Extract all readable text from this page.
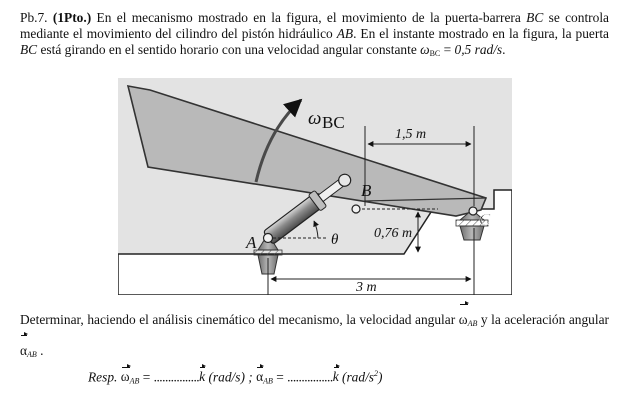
Pb.7. (1Pto.) En el mecanismo mostrado en la figura, el movimiento de la puerta-barrera BC se controla mediante el movimiento del cilindro del pistón hidráulico AB. En el instante mostrado en la figura, la puerta BC está girando en el sentido horario con una velocidad angular constante $\omega_{BC} = 0,5$ rad/s.
ω BC
1,5 m
0,76 m
3 m
A
B
C
θ
Determinar, haciendo el análisis cinemático del mecanismo, la velocidad angular $\omega_{AB}$ y la aceleración angular $\alpha_{AB}$ .
Resp. $\omega_{AB} = ................k$ (rad/s) ; $\alpha_{AB} = ................k$ $(rad/s^2)$
